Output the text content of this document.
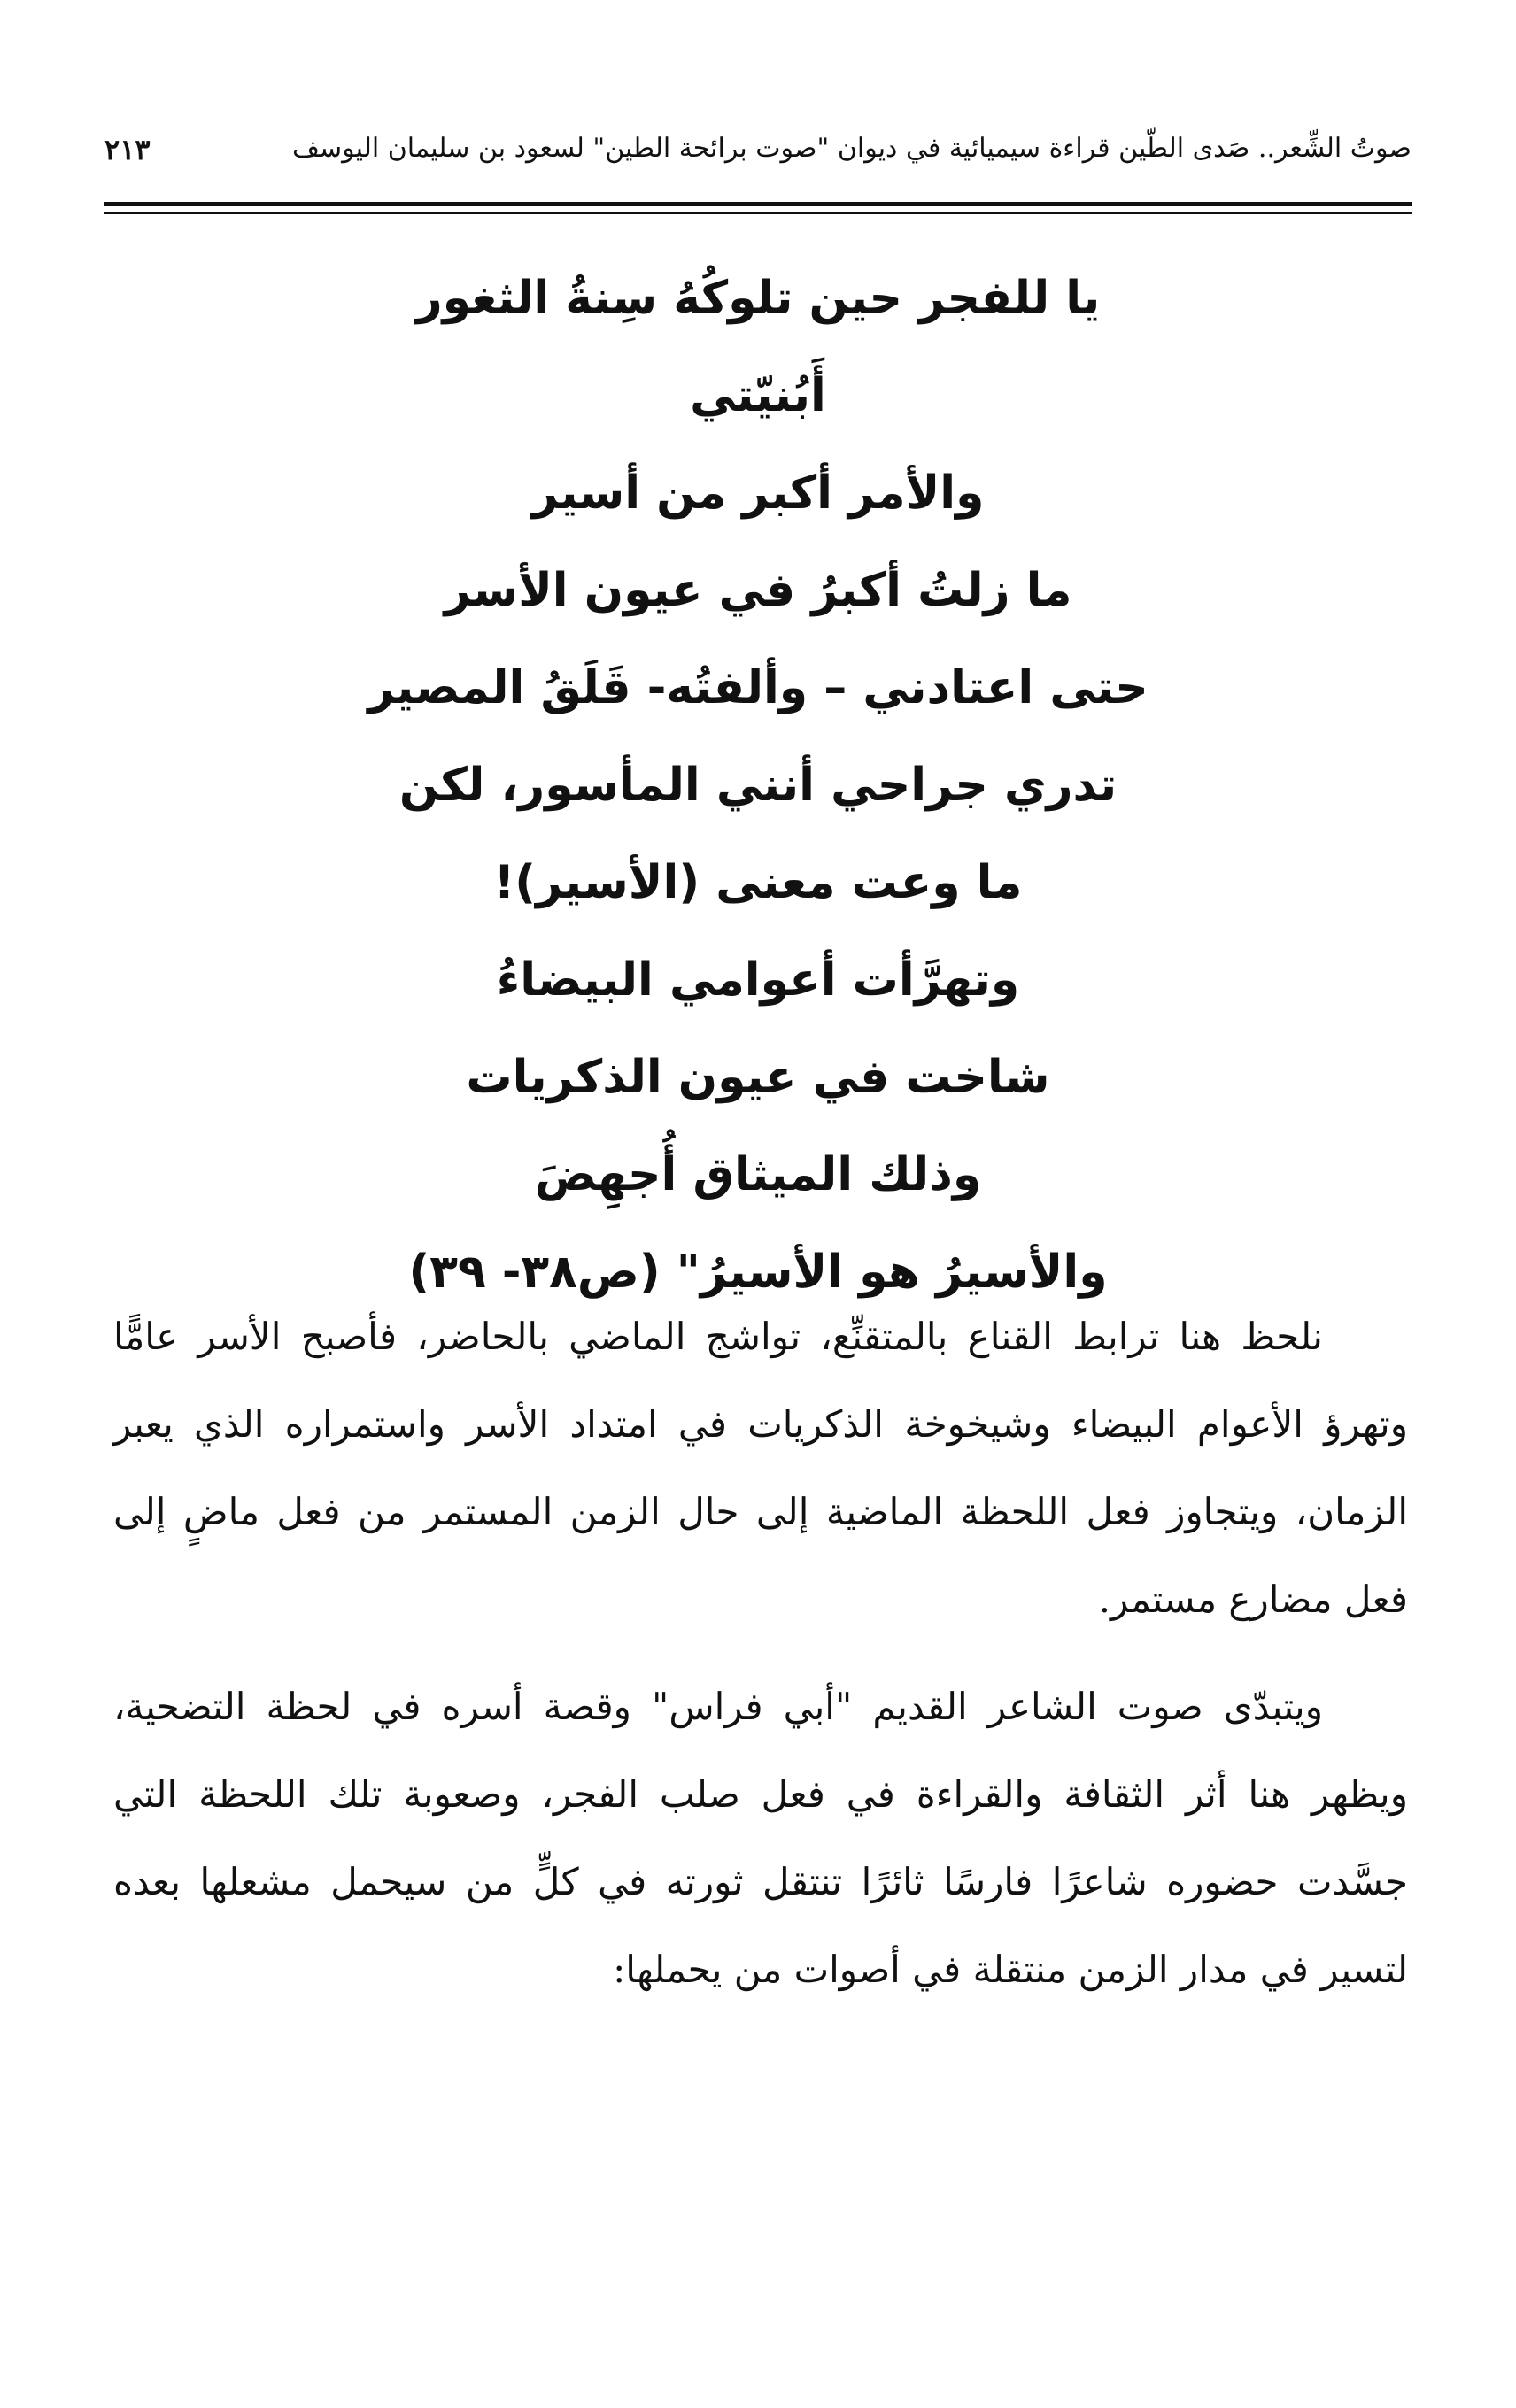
صوتُ الشِّعر.. صَدى الطّين قراءة سيميائية في ديوان "صوت برائحة الطين" لسعود بن سليمان اليوسف
٢١٣
يا للفجر حين تلوكُهُ سِنةُ الثغور
أَبُنيّتي
والأمر أكبر من أسير
ما زلتُ أكبرُ في عيون الأسر
حتى اعتادني – وألفتُه- قَلَقُ المصير
تدري جراحي أنني المأسور، لكن
ما وعت معنى (الأسير)!
وتهرَّأت أعوامي البيضاءُ
شاخت في عيون الذكريات
وذلك الميثاق أُجهِضَ
والأسيرُ هو الأسيرُ" (ص٣٨- ٣٩)

نلحظ هنا ترابط القناع بالمتقنِّع، تواشج الماضي بالحاضر، فأصبح الأسر عامًّا وتهرؤ الأعوام البيضاء وشيخوخة الذكريات في امتداد الأسر واستمراره الذي يعبر الزمان، ويتجاوز فعل اللحظة الماضية إلى حال الزمن المستمر من فعل ماضٍ إلى فعل مضارع مستمر.

ويتبدّى صوت الشاعر القديم "أبي فراس" وقصة أسره في لحظة التضحية، ويظهر هنا أثر الثقافة والقراءة في فعل صلب الفجر، وصعوبة تلك اللحظة التي جسَّدت حضوره شاعرًا فارسًا ثائرًا تنتقل ثورته في كلٍّ من سيحمل مشعلها بعده لتسير في مدار الزمن منتقلة في أصوات من يحملها:
